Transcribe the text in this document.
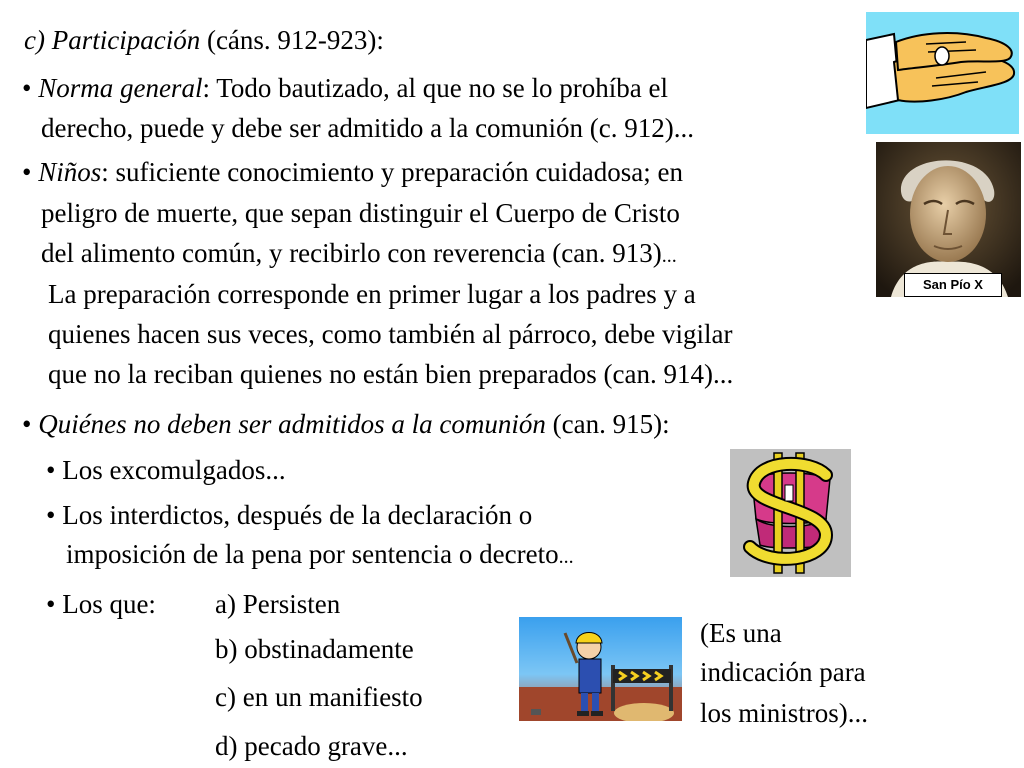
c) Participación (cáns. 912-923):
• Norma general: Todo bautizado, al que no se lo prohíba el
derecho, puede y debe ser admitido a la comunión (c. 912)...
• Niños: suficiente conocimiento y preparación cuidadosa; en
peligro de muerte, que sepan distinguir el Cuerpo de Cristo
del alimento común, y recibirlo con reverencia (can. 913)...
La preparación corresponde en primer lugar a los padres y a
quienes hacen sus veces, como también al párroco, debe vigilar
que no la reciban quienes no están bien preparados (can. 914)...
• Quiénes no deben ser admitidos a la comunión (can. 915):
• Los excomulgados...
• Los interdictos, después de la declaración o
imposición de la pena por sentencia o decreto...
• Los que: a) Persisten
b) obstinadamente
c) en un manifiesto
d) pecado grave...
(Es una
indicación para
los ministros)...
San Pío X
